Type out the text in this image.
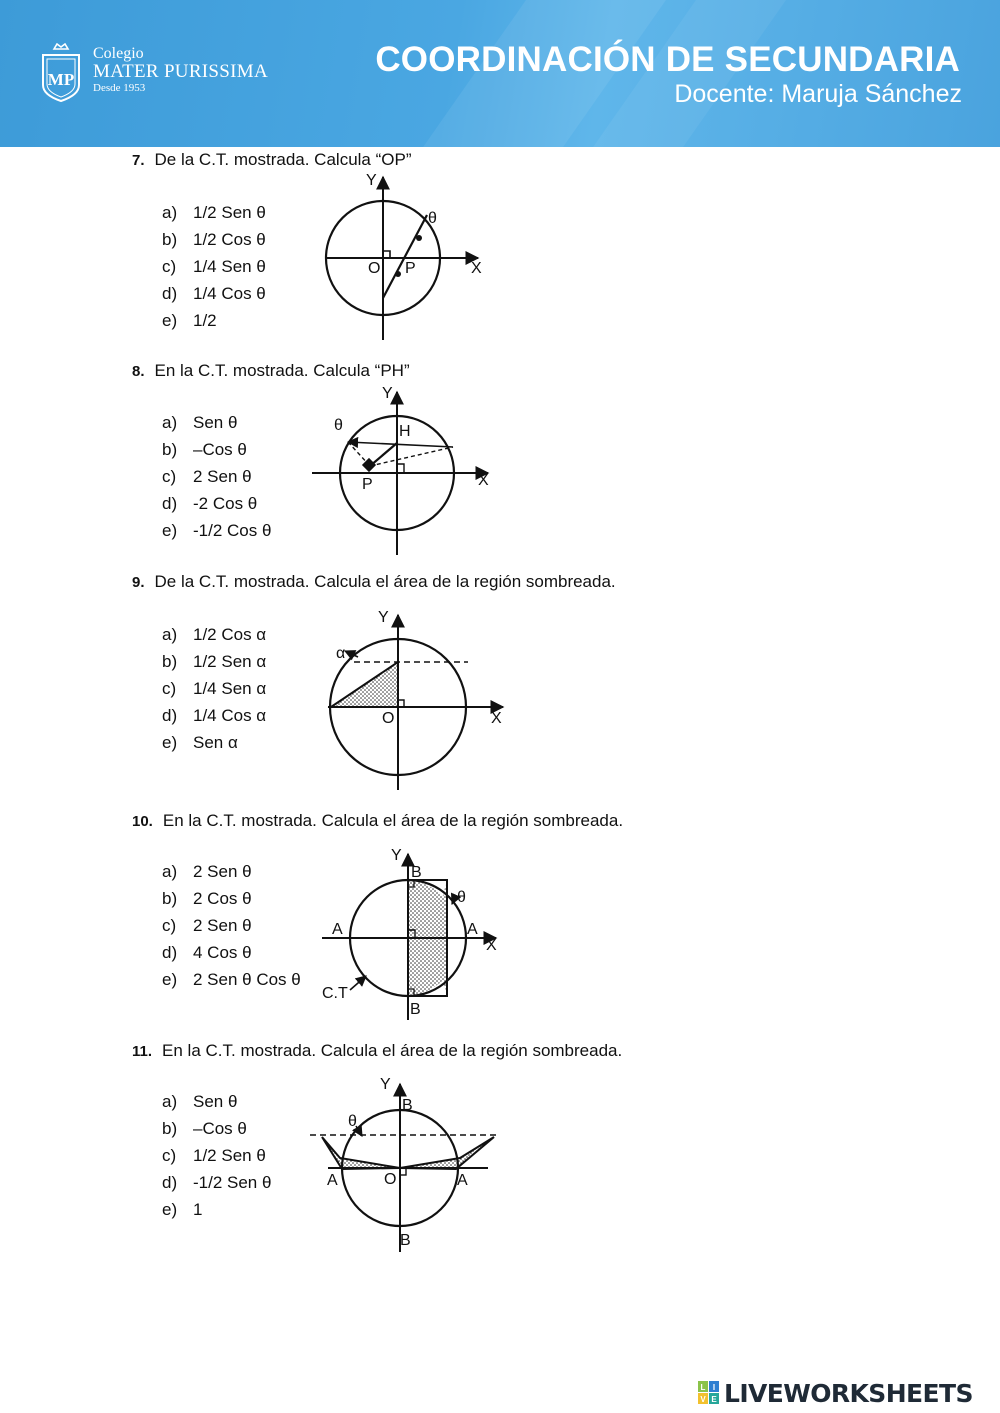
MP
Colegio
MATER PURISSIMA
Desde 1953
COORDINACIÓN DE SECUNDARIA
Docente: Maruja Sánchez
7. De la C.T. mostrada. Calcula “OP”
a) 1/2 Sen θ
b) 1/2 Cos θ
c) 1/4 Sen θ
d) 1/4 Cos θ
e) 1/2
Y
X
O P
θ
8. En la C.T. mostrada. Calcula “PH”
a) Sen θ
b) –Cos θ
c) 2 Sen θ
d) -2 Cos θ
e) -1/2 Cos θ
Y
X
H
P
θ
9. De la C.T. mostrada. Calcula el área de la región sombreada.
a) 1/2 Cos α
b) 1/2 Sen α
c) 1/4 Sen α
d) 1/4 Cos α
e) Sen α
Y
X
O
α
10. En la C.T. mostrada. Calcula el área de la región sombreada.
a) 2 Sen θ
b) 2 Cos θ
c) 2 Sen θ
d) 4 Cos θ
e) 2 Sen θ Cos θ
Y
X
A	A
B
B
θ
C.T
11. En la C.T. mostrada. Calcula el área de la región sombreada.
a) Sen θ
b) –Cos θ
c) 1/2 Sen θ
d) -1/2 Sen θ
e) 1
Y
O
A	A
B
B
θ
L I
V E LIVEWORKSHEETS
